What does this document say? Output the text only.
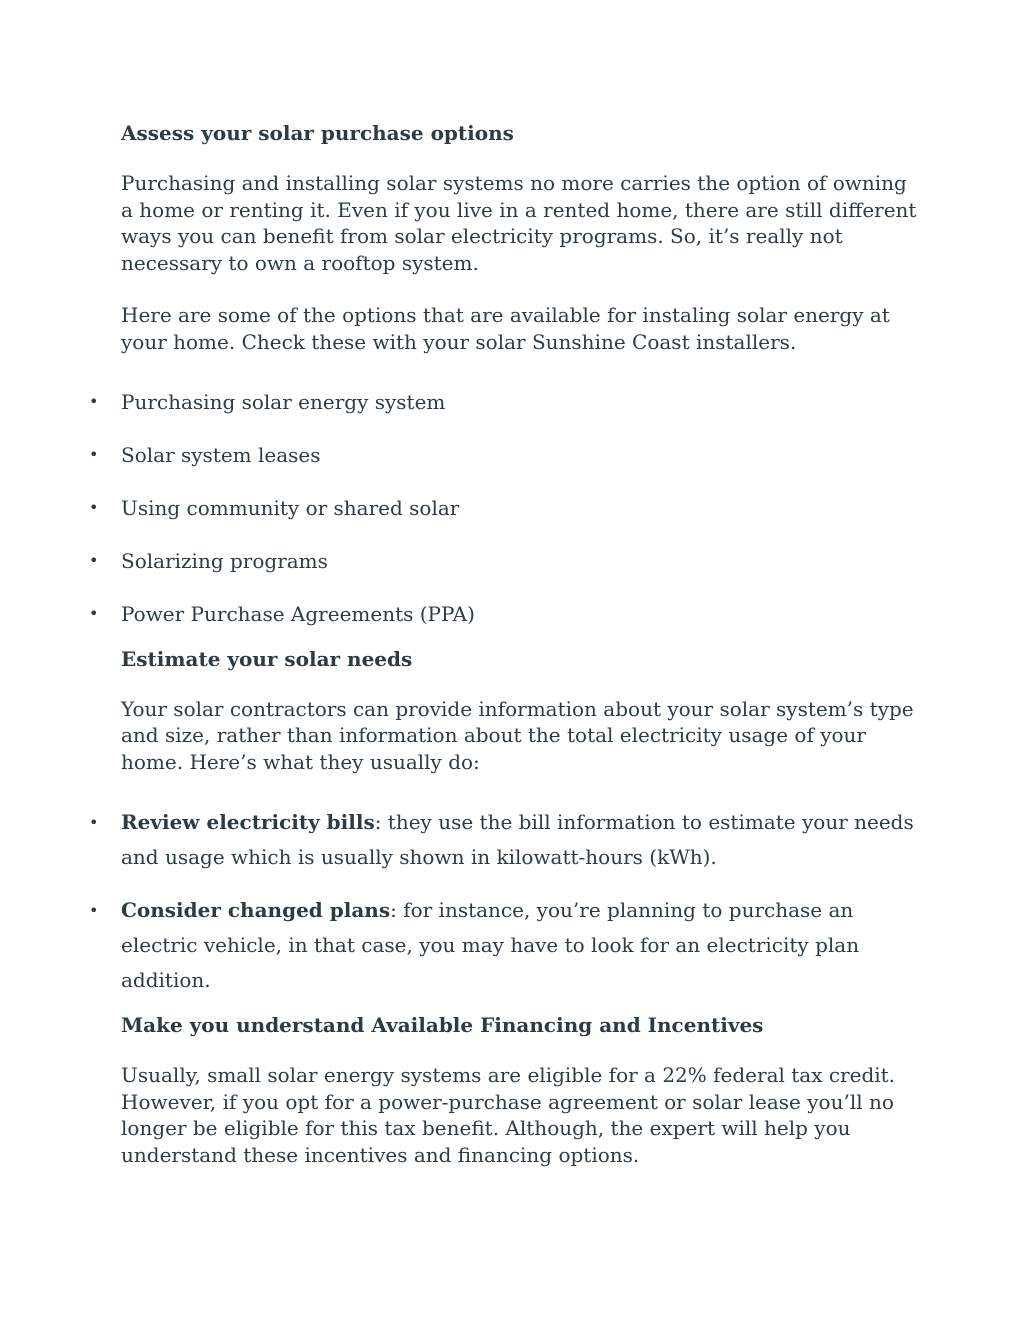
Assess your solar purchase options

Purchasing and installing solar systems no more carries the option of owning a home or renting it. Even if you live in a rented home, there are still different ways you can benefit from solar electricity programs. So, it’s really not necessary to own a rooftop system.

Here are some of the options that are available for instaling solar energy at your home. Check these with your solar Sunshine Coast installers.

• Purchasing solar energy system
• Solar system leases
• Using community or shared solar
• Solarizing programs
• Power Purchase Agreements (PPA)
Estimate your solar needs

Your solar contractors can provide information about your solar system’s type and size, rather than information about the total electricity usage of your home. Here’s what they usually do:

• Review electricity bills: they use the bill information to estimate your needs and usage which is usually shown in kilowatt-hours (kWh).
• Consider changed plans: for instance, you’re planning to purchase an electric vehicle, in that case, you may have to look for an electricity plan addition.
Make you understand Available Financing and Incentives

Usually, small solar energy systems are eligible for a 22% federal tax credit. However, if you opt for a power-purchase agreement or solar lease you’ll no longer be eligible for this tax benefit. Although, the expert will help you understand these incentives and financing options.
